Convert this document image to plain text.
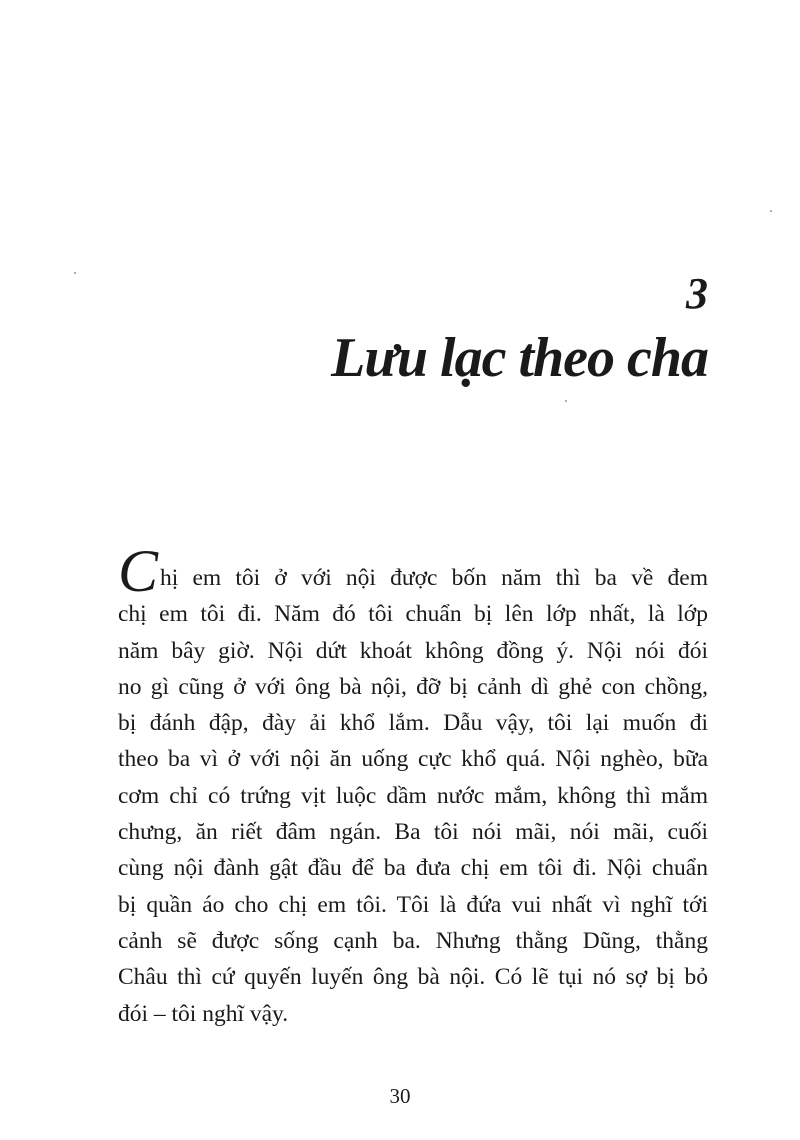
3
Lưu lạc theo cha
Chị em tôi ở với nội được bốn năm thì ba về đem
chị em tôi đi. Năm đó tôi chuẩn bị lên lớp nhất, là lớp
năm bây giờ. Nội dứt khoát không đồng ý. Nội nói đói
no gì cũng ở với ông bà nội, đỡ bị cảnh dì ghẻ con chồng,
bị đánh đập, đày ải khổ lắm. Dẫu vậy, tôi lại muốn đi
theo ba vì ở với nội ăn uống cực khổ quá. Nội nghèo, bữa
cơm chỉ có trứng vịt luộc dầm nước mắm, không thì mắm
chưng, ăn riết đâm ngán. Ba tôi nói mãi, nói mãi, cuối
cùng nội đành gật đầu để ba đưa chị em tôi đi. Nội chuẩn
bị quần áo cho chị em tôi. Tôi là đứa vui nhất vì nghĩ tới
cảnh sẽ được sống cạnh ba. Nhưng thằng Dũng, thằng
Châu thì cứ quyến luyến ông bà nội. Có lẽ tụi nó sợ bị bỏ
đói – tôi nghĩ vậy.
30
